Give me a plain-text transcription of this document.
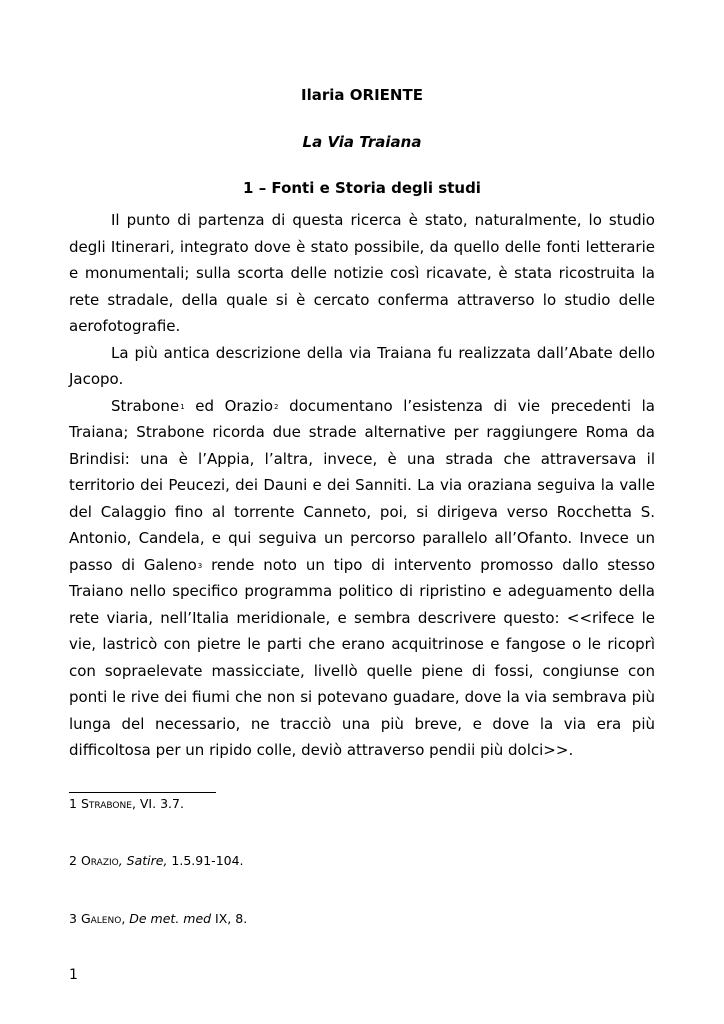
Ilaria ORIENTE
La Via Traiana
1 – Fonti e Storia degli studi

Il punto di partenza di questa ricerca è stato, naturalmente, lo studio degli Itinerari, integrato dove è stato possibile, da quello delle fonti letterarie e monumentali; sulla scorta delle notizie così ricavate, è stata ricostruita la rete stradale, della quale si è cercato conferma attraverso lo studio delle aerofotografie.

La più antica descrizione della via Traiana fu realizzata dall’Abate dello Jacopo.

Strabone$^1$ ed Orazio$^2$ documentano l’esistenza di vie precedenti la Traiana; Strabone ricorda due strade alternative per raggiungere Roma da Brindisi: una è l’Appia, l’altra, invece, è una strada che attraversava il territorio dei Peucezi, dei Dauni e dei Sanniti. La via oraziana seguiva la valle del Calaggio fino al torrente Canneto, poi, si dirigeva verso Rocchetta S. Antonio, Candela, e qui seguiva un percorso parallelo all’Ofanto. Invece un passo di Galeno$^3$ rende noto un tipo di intervento promosso dallo stesso Traiano nello specifico programma politico di ripristino e adeguamento della rete viaria, nell’Italia meridionale, e sembra descrivere questo: <<rifece le vie, lastricò con pietre le parti che erano acquitrinose e fangose o le ricoprì con sopraelevate massicciate, livellò quelle piene di fossi, congiunse con ponti le rive dei fiumi che non si potevano guadare, dove la via sembrava più lunga del necessario, ne tracciò una più breve, e dove la via era più difficoltosa per un ripido colle, deviò attraverso pendii più dolci>>.

1 Strabone, VI. 3.7.
2 Orazio, Satire, 1.5.91-104.
3 Galeno, De met. med IX, 8.
1
